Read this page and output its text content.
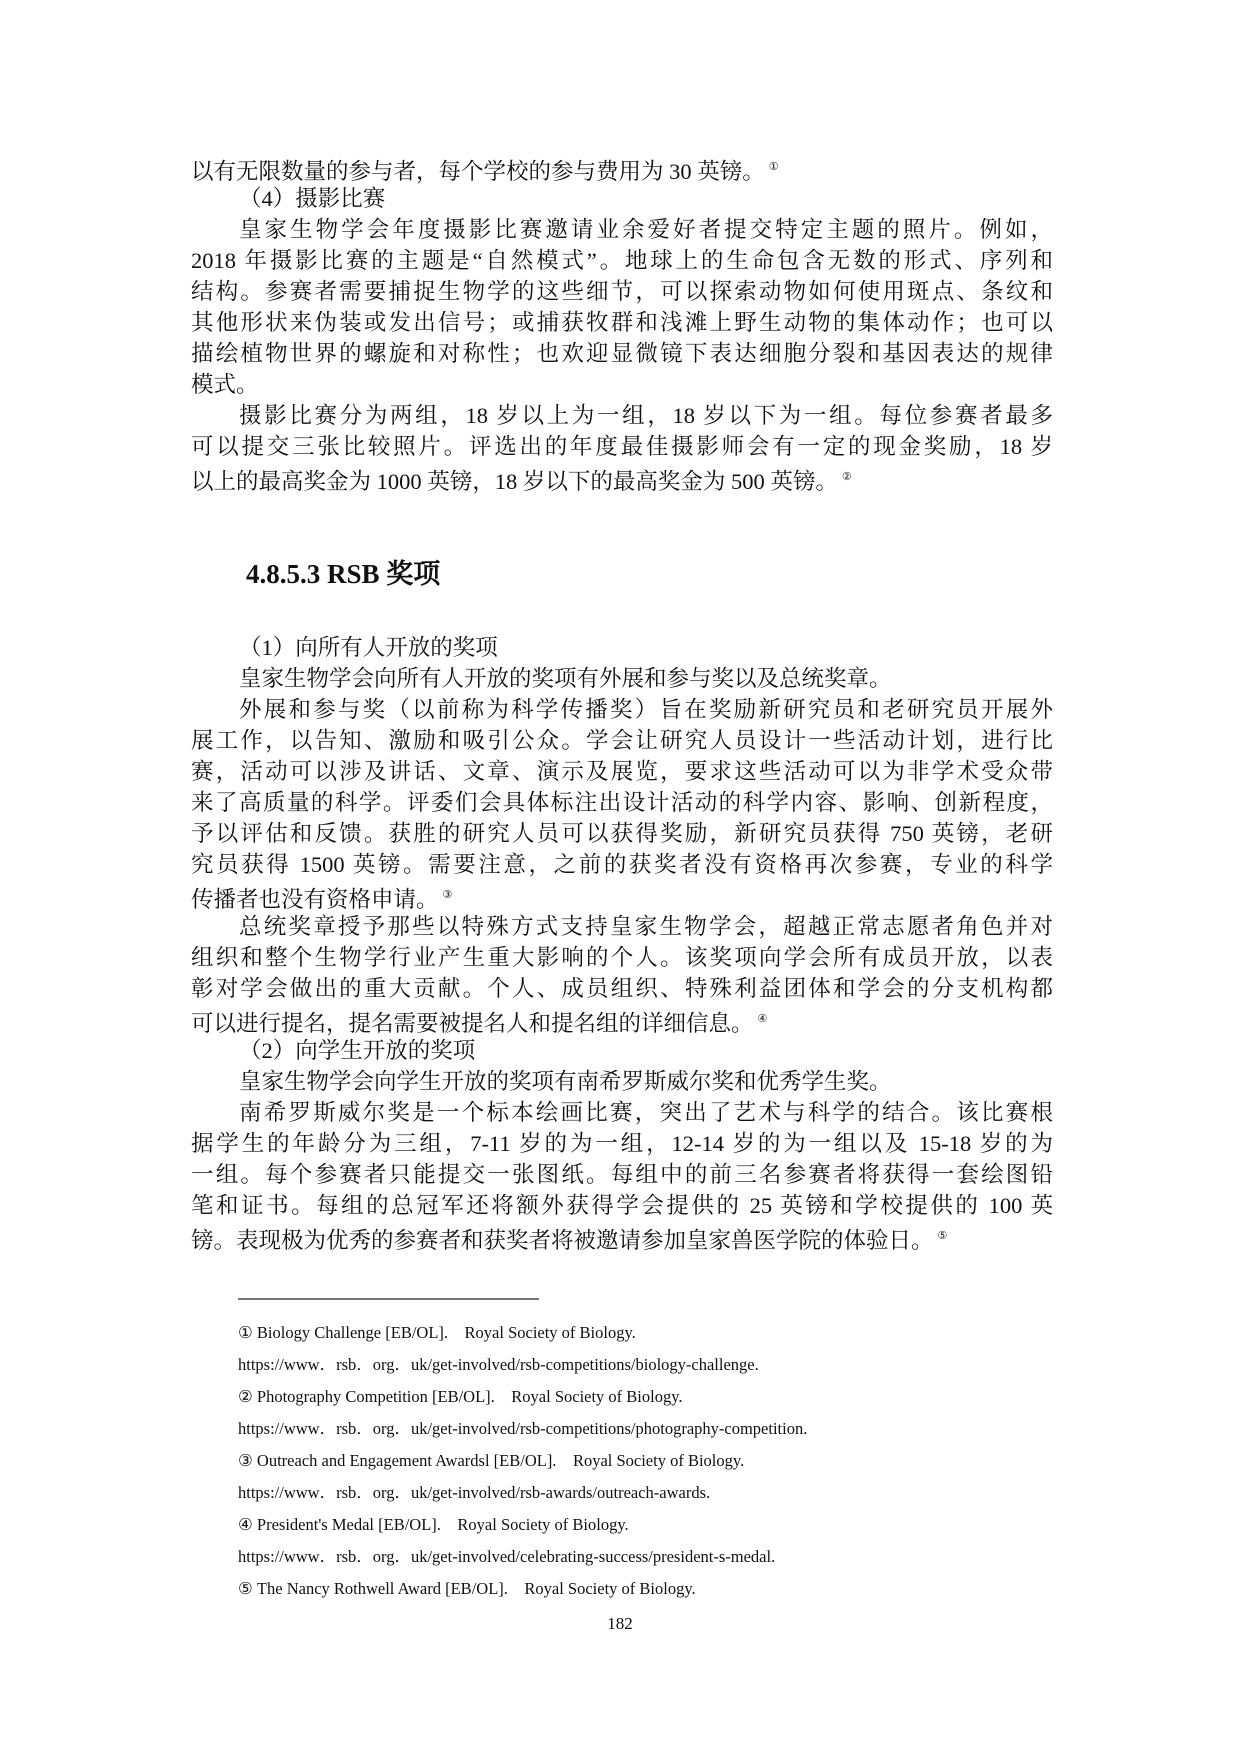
以有无限数量的参与者，每个学校的参与费用为 30 英镑。 ①
（4）摄影比赛
皇家生物学会年度摄影比赛邀请业余爱好者提交特定主题的照片。例如，
2018 年摄影比赛的主题是“自然模式”。地球上的生命包含无数的形式、序列和
结构。参赛者需要捕捉生物学的这些细节，可以探索动物如何使用斑点、条纹和
其他形状来伪装或发出信号；或捕获牧群和浅滩上野生动物的集体动作；也可以
描绘植物世界的螺旋和对称性；也欢迎显微镜下表达细胞分裂和基因表达的规律
模式。
摄影比赛分为两组，18 岁以上为一组，18 岁以下为一组。每位参赛者最多
可以提交三张比较照片。评选出的年度最佳摄影师会有一定的现金奖励，18 岁
以上的最高奖金为 1000 英镑，18 岁以下的最高奖金为 500 英镑。 ②
4.8.5.3 RSB 奖项
（1）向所有人开放的奖项
皇家生物学会向所有人开放的奖项有外展和参与奖以及总统奖章。
外展和参与奖（以前称为科学传播奖）旨在奖励新研究员和老研究员开展外
展工作，以告知、激励和吸引公众。学会让研究人员设计一些活动计划，进行比
赛，活动可以涉及讲话、文章、演示及展览，要求这些活动可以为非学术受众带
来了高质量的科学。评委们会具体标注出设计活动的科学内容、影响、创新程度，
予以评估和反馈。获胜的研究人员可以获得奖励，新研究员获得 750 英镑，老研
究员获得 1500 英镑。需要注意，之前的获奖者没有资格再次参赛，专业的科学
传播者也没有资格申请。 ③
总统奖章授予那些以特殊方式支持皇家生物学会，超越正常志愿者角色并对
组织和整个生物学行业产生重大影响的个人。该奖项向学会所有成员开放，以表
彰对学会做出的重大贡献。个人、成员组织、特殊利益团体和学会的分支机构都
可以进行提名，提名需要被提名人和提名组的详细信息。 ④
（2）向学生开放的奖项
皇家生物学会向学生开放的奖项有南希罗斯威尔奖和优秀学生奖。
南希罗斯威尔奖是一个标本绘画比赛，突出了艺术与科学的结合。该比赛根
据学生的年龄分为三组，7-11 岁的为一组，12-14 岁的为一组以及 15-18 岁的为
一组。每个参赛者只能提交一张图纸。每组中的前三名参赛者将获得一套绘图铅
笔和证书。每组的总冠军还将额外获得学会提供的 25 英镑和学校提供的 100 英
镑。表现极为优秀的参赛者和获奖者将被邀请参加皇家兽医学院的体验日。 ⑤
① Biology Challenge [EB/OL]. Royal Society of Biology.
https://www．rsb．org．uk/get-involved/rsb-competitions/biology-challenge.
② Photography Competition [EB/OL]. Royal Society of Biology.
https://www．rsb．org．uk/get-involved/rsb-competitions/photography-competition.
③ Outreach and Engagement Awardsl [EB/OL]. Royal Society of Biology.
https://www．rsb．org．uk/get-involved/rsb-awards/outreach-awards.
④ President's Medal [EB/OL]. Royal Society of Biology.
https://www．rsb．org．uk/get-involved/celebrating-success/president-s-medal.
⑤ The Nancy Rothwell Award [EB/OL]. Royal Society of Biology.
182
